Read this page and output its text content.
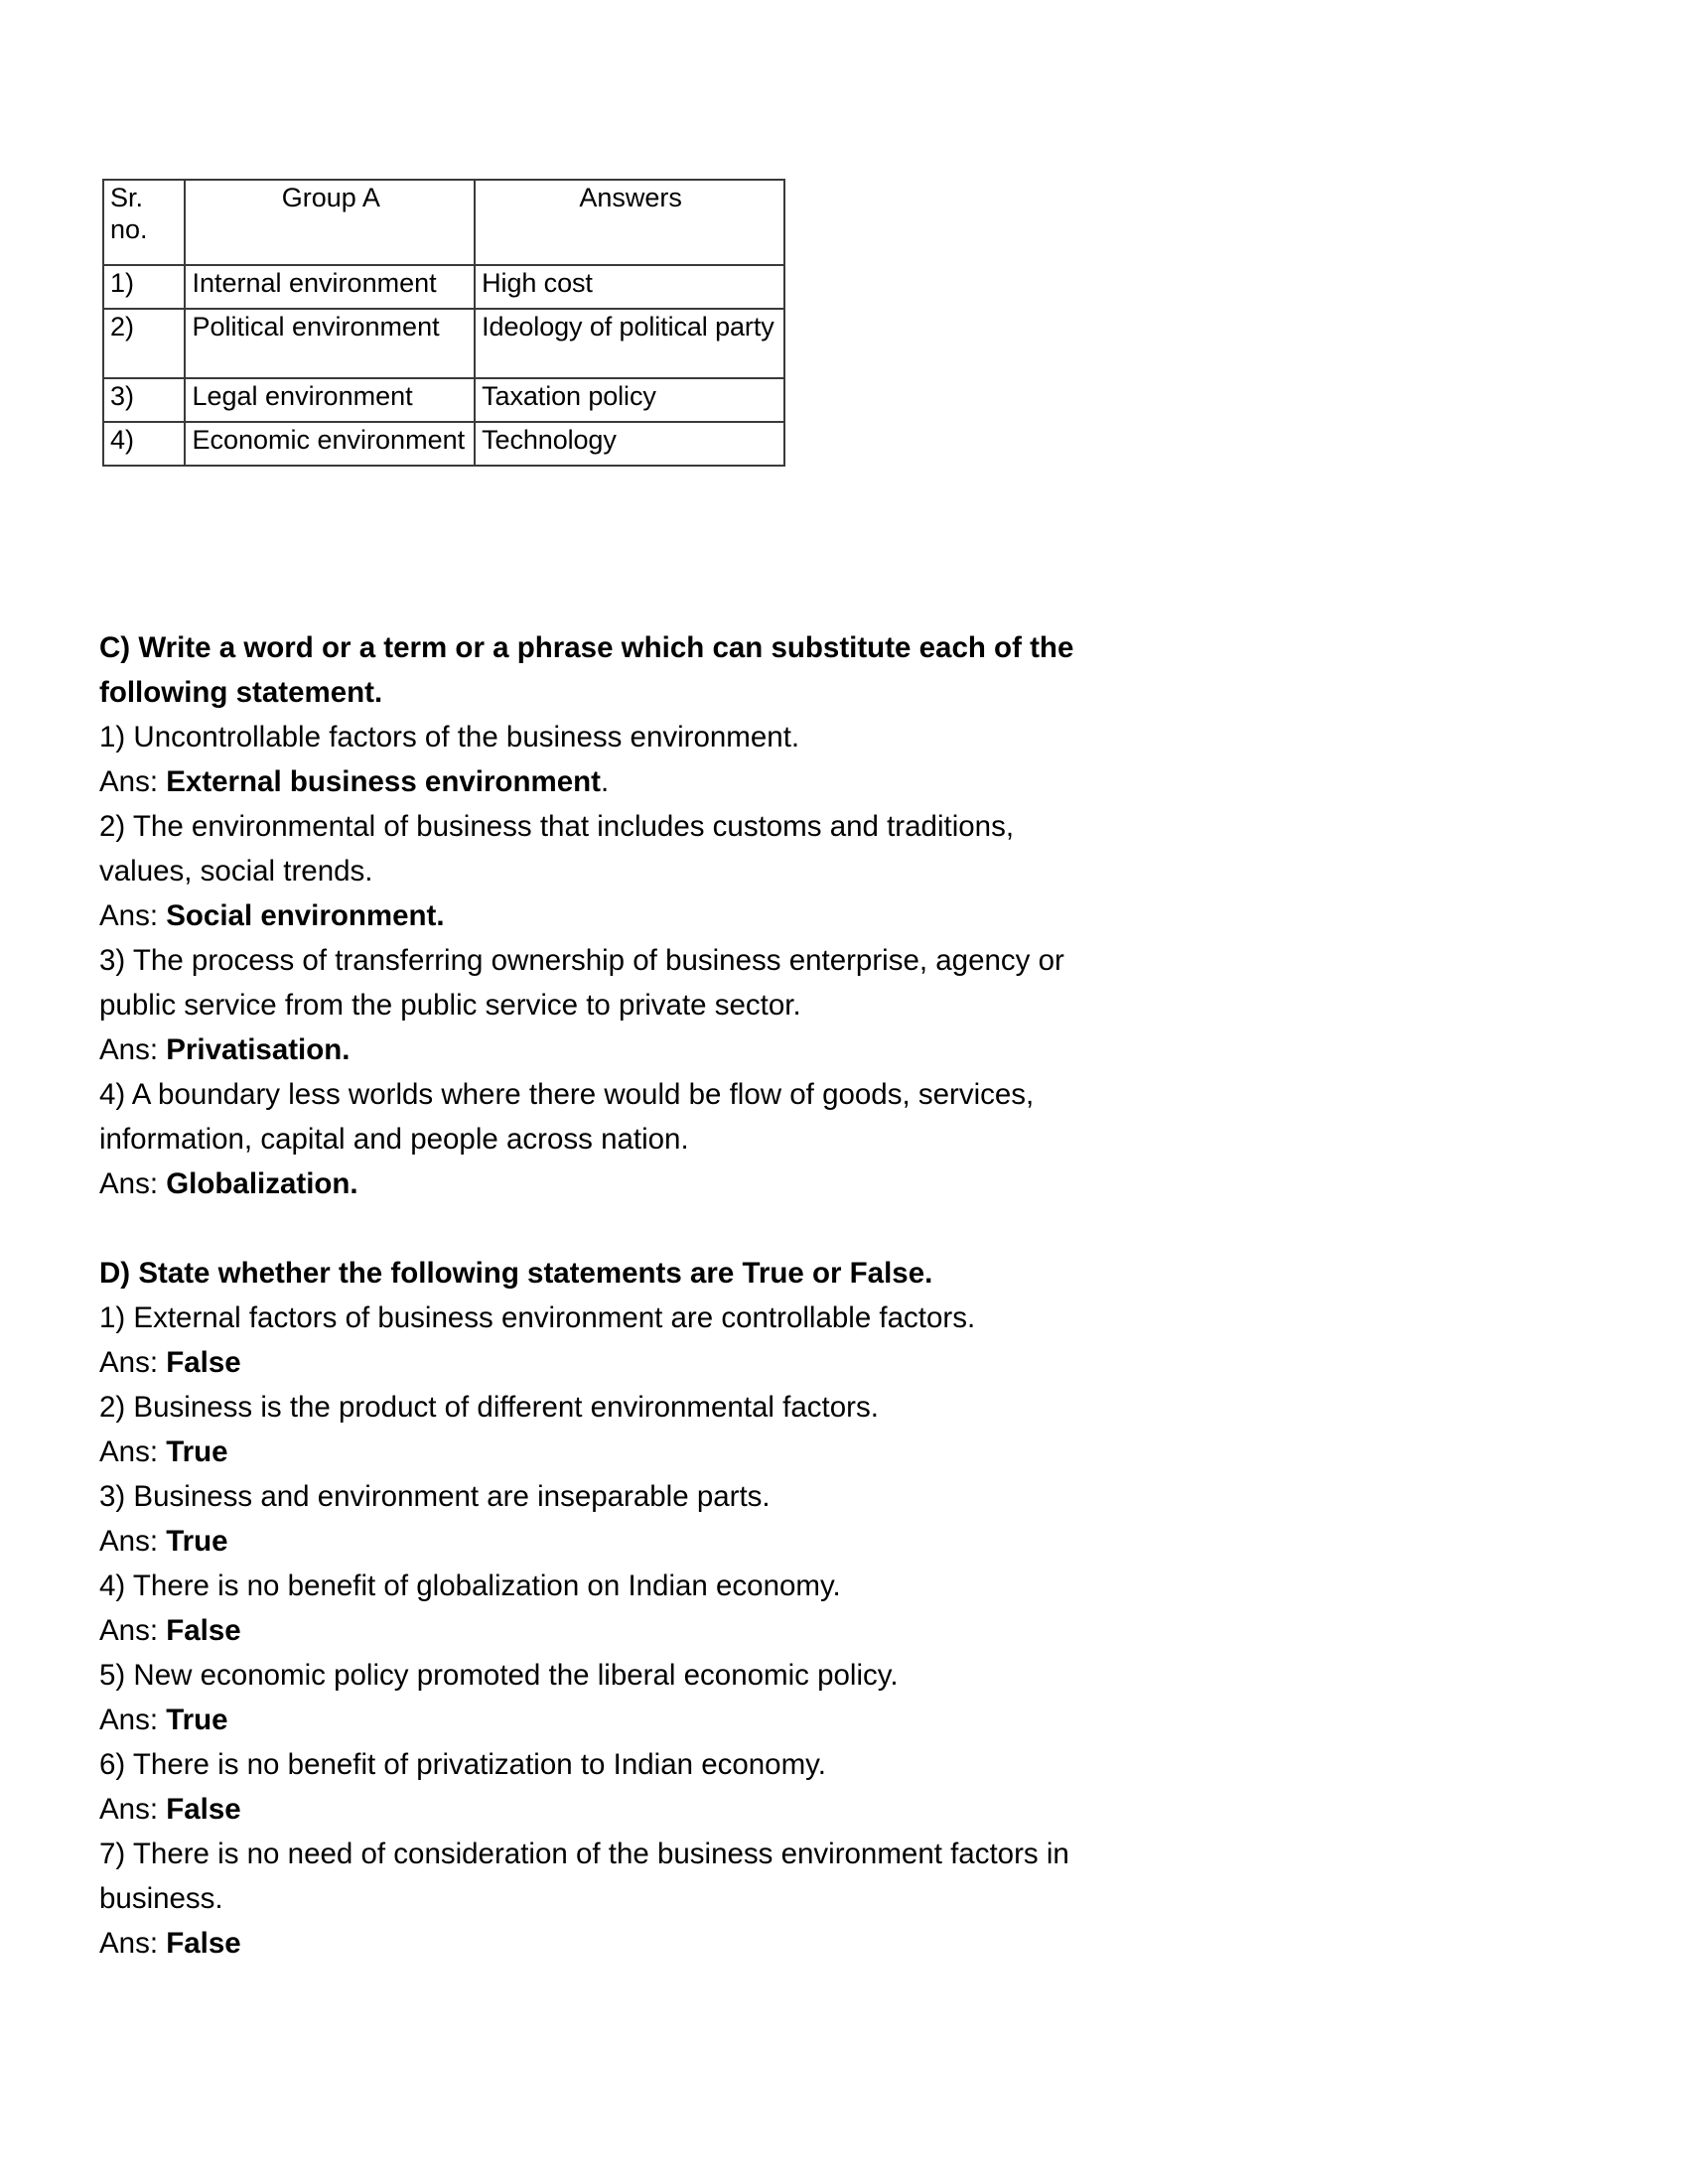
Sr. no.	Group A	Answers
1)	Internal environment	High cost
2)	Political environment	Ideology of political party
3)	Legal environment	Taxation policy
4)	Economic environment	Technology

C) Write a word or a term or a phrase which can substitute each of the following statement.

1) Uncontrollable factors of the business environment.

Ans: External business environment.

2) The environmental of business that includes customs and traditions, values, social trends.

Ans: Social environment.

3) The process of transferring ownership of business enterprise, agency or public service from the public service to private sector.

Ans: Privatisation.

4) A boundary less worlds where there would be flow of goods, services, information, capital and people across nation.

Ans: Globalization.

D) State whether the following statements are True or False.

1) External factors of business environment are controllable factors.

Ans: False

2) Business is the product of different environmental factors.

Ans: True

3) Business and environment are inseparable parts.

Ans: True

4) There is no benefit of globalization on Indian economy.

Ans: False

5) New economic policy promoted the liberal economic policy.

Ans: True

6) There is no benefit of privatization to Indian economy.

Ans: False

7) There is no need of consideration of the business environment factors in business.

Ans: False
